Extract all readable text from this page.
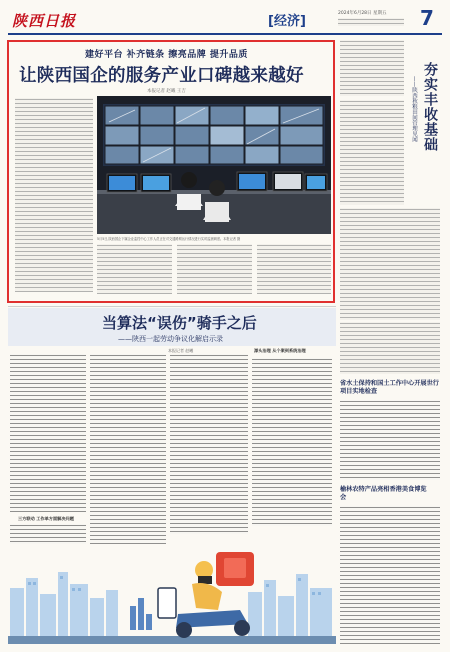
陕西日报	[经济]
2024年6月28日 星期五 7
建好平台 补齐链条 擦亮品牌 提升品质
让陕西国企的服务产业口碑越来越好
本报记者 赵曦 王吉
5月5日,陕西国企下属企业监控中心工作人员正在对交通路网运行情况进行实时监测调度。本报记者 摄
夯实丰收基础
——陕西秋粮田间管理见闻
当算法“误伤”骑手之后
——陕西一起劳动争议化解启示录
本报记者 赵曦
三方联动 工作单方面解决问题
源头治理 从个案到系统治理
省水土保持和国土工作中心开展世行项目实地检查
榆林农特产品亮相香港美食博览会
